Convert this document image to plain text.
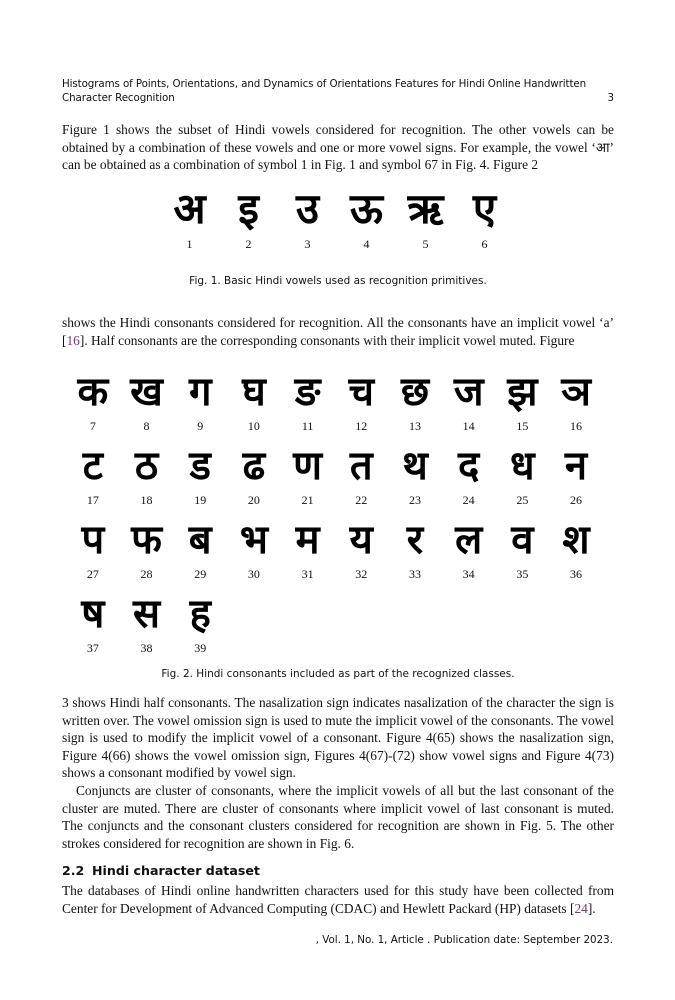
Histograms of Points, Orientations, and Dynamics of Orientations Features for Hindi Online Handwritten Character Recognition	3

Figure 1 shows the subset of Hindi vowels considered for recognition. The other vowels can be obtained by a combination of these vowels and one or more vowel signs. For example, the vowel ‘आ’ can be obtained as a combination of symbol 1 in Fig. 1 and symbol 67 in Fig. 4. Figure 2

अ
1
इ
2
उ
3
ऊ
4
ऋ
5
ए
6
Fig. 1. Basic Hindi vowels used as recognition primitives.

shows the Hindi consonants considered for recognition. All the consonants have an implicit vowel ‘a’ [16]. Half consonants are the corresponding consonants with their implicit vowel muted. Figure

क
7
ख
8
ग
9
घ
10
ङ
11
च
12
छ
13
ज
14
झ
15
ञ
16
ट
17
ठ
18
ड
19
ढ
20
ण
21
त
22
थ
23
द
24
ध
25
न
26
प
27
फ
28
ब
29
भ
30
म
31
य
32
र
33
ल
34
व
35
श
36
ष
37
स
38
ह
39
Fig. 2. Hindi consonants included as part of the recognized classes.

3 shows Hindi half consonants. The nasalization sign indicates nasalization of the character the sign is written over. The vowel omission sign is used to mute the implicit vowel of the consonants. The vowel sign is used to modify the implicit vowel of a consonant. Figure 4(65) shows the nasalization sign, Figure 4(66) shows the vowel omission sign, Figures 4(67)-(72) show vowel signs and Figure 4(73) shows a consonant modified by vowel sign.

Conjuncts are cluster of consonants, where the implicit vowels of all but the last consonant of the cluster are muted. There are cluster of consonants where implicit vowel of last consonant is muted. The conjuncts and the consonant clusters considered for recognition are shown in Fig. 5. The other strokes considered for recognition are shown in Fig. 6.

2.2 Hindi character dataset

The databases of Hindi online handwritten characters used for this study have been collected from Center for Development of Advanced Computing (CDAC) and Hewlett Packard (HP) datasets [24].

, Vol. 1, No. 1, Article . Publication date: September 2023.
